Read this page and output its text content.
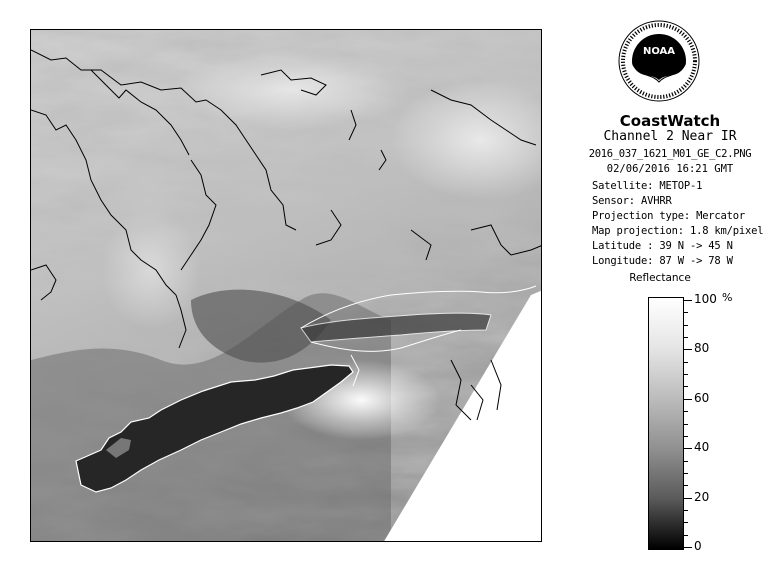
NOAA
CoastWatch
Channel 2 Near IR
2016_037_1621_M01_GE_C2.PNG
02/06/2016 16:21 GMT
Satellite: METOP-1
Sensor: AVHRR
Projection type: Mercator
Map projection: 1.8 km/pixel
Latitude : 39 N -> 45 N
Longitude: 87 W -> 78 W
Reflectance
%
100
80
60
40
20
0
